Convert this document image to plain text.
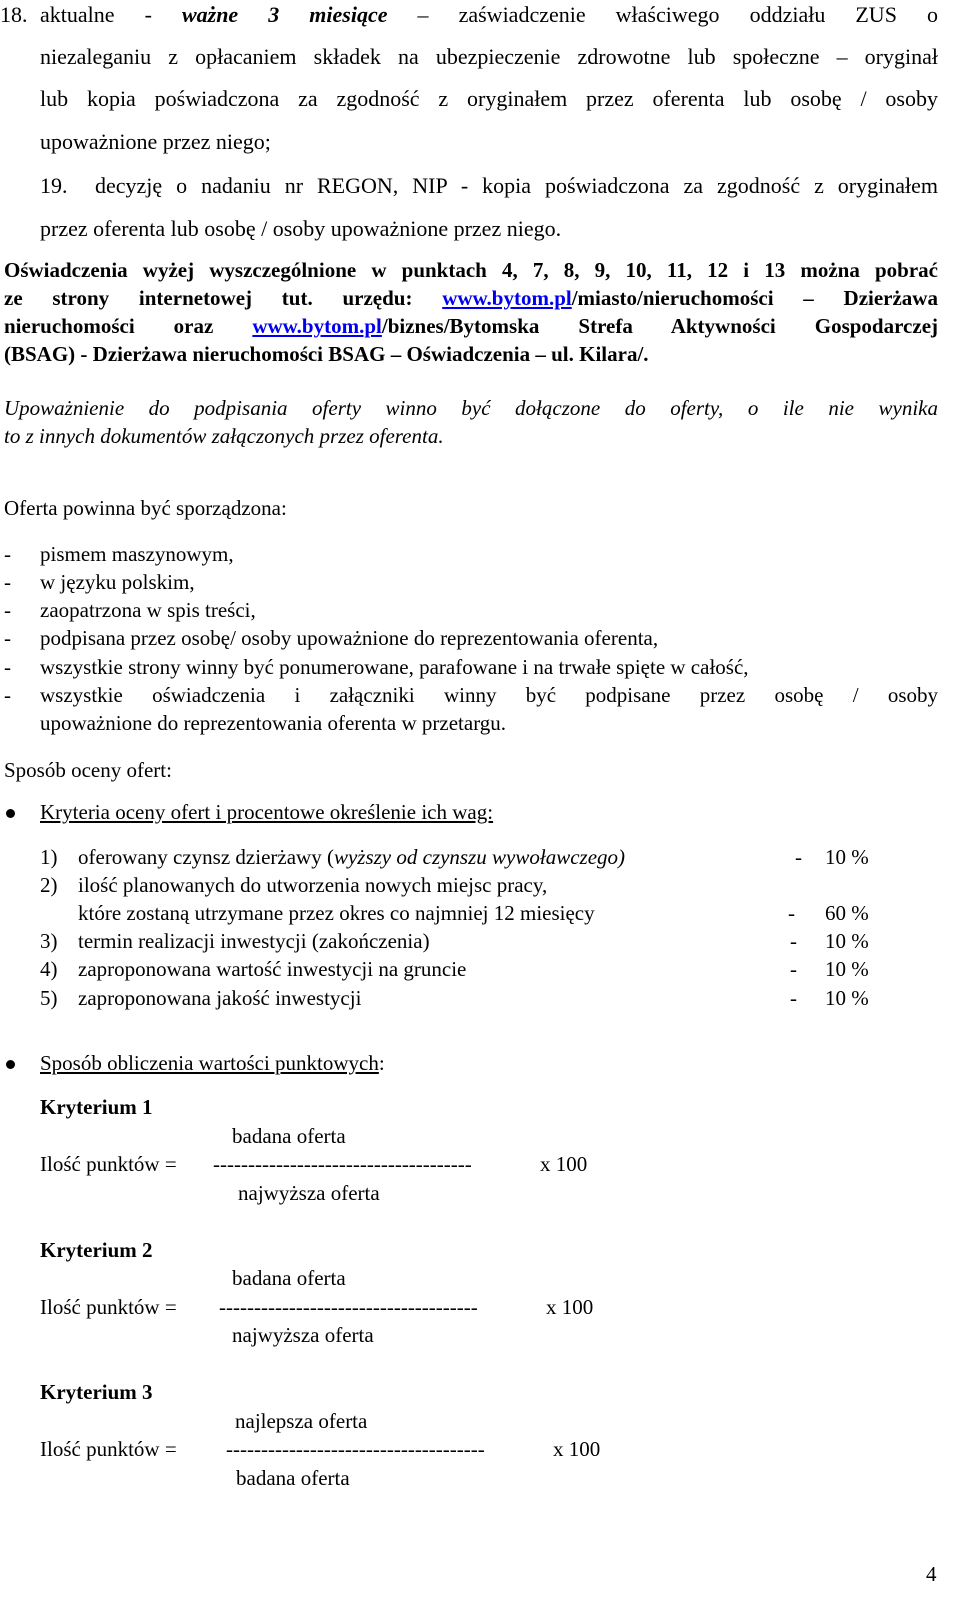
18. aktualne - ważne 3 miesiące – zaświadczenie właściwego oddziału ZUS o
niezaleganiu z opłacaniem składek na ubezpieczenie zdrowotne lub społeczne – oryginał
lub kopia poświadczona za zgodność z oryginałem przez oferenta lub osobę / osoby
upoważnione przez niego;
19. decyzję o nadaniu nr REGON, NIP - kopia poświadczona za zgodność z oryginałem
przez oferenta lub osobę / osoby upoważnione przez niego.
Oświadczenia wyżej wyszczególnione w punktach 4, 7, 8, 9, 10, 11, 12 i 13 można pobrać
ze strony internetowej tut. urzędu: www.bytom.pl/miasto/nieruchomości – Dzierżawa
nieruchomości oraz www.bytom.pl/biznes/Bytomska Strefa Aktywności Gospodarczej
(BSAG) - Dzierżawa nieruchomości BSAG – Oświadczenia – ul. Kilara/.
Upoważnienie do podpisania oferty winno być dołączone do oferty, o ile nie wynika
to z innych dokumentów załączonych przez oferenta.
Oferta powinna być sporządzona:
- pismem maszynowym,
- w języku polskim,
- zaopatrzona w spis treści,
- podpisana przez osobę/ osoby upoważnione do reprezentowania oferenta,
- wszystkie strony winny być ponumerowane, parafowane i na trwałe spięte w całość,
- wszystkie oświadczenia i załączniki winny być podpisane przez osobę / osoby
upoważnione do reprezentowania oferenta w przetargu.
Sposób oceny ofert:
Kryteria oceny ofert i procentowe określenie ich wag:
1) oferowany czynsz dzierżawy (wyższy od czynszu wywoławczego)	- 10 %
2) ilość planowanych do utworzenia nowych miejsc pracy,
które zostaną utrzymane przez okres co najmniej 12 miesięcy	- 60 %
3) termin realizacji inwestycji (zakończenia)	- 10 %
4) zaproponowana wartość inwestycji na gruncie	- 10 %
5) zaproponowana jakość inwestycji	- 10 %
Sposób obliczenia wartości punktowych:
Kryterium 1
badana oferta
Ilość punktów = -------------------------------------	x 100
najwyższa oferta
Kryterium 2
badana oferta
Ilość punktów = -------------------------------------	x 100
najwyższa oferta
Kryterium 3
najlepsza oferta
Ilość punktów = -------------------------------------	x 100
badana oferta
4
